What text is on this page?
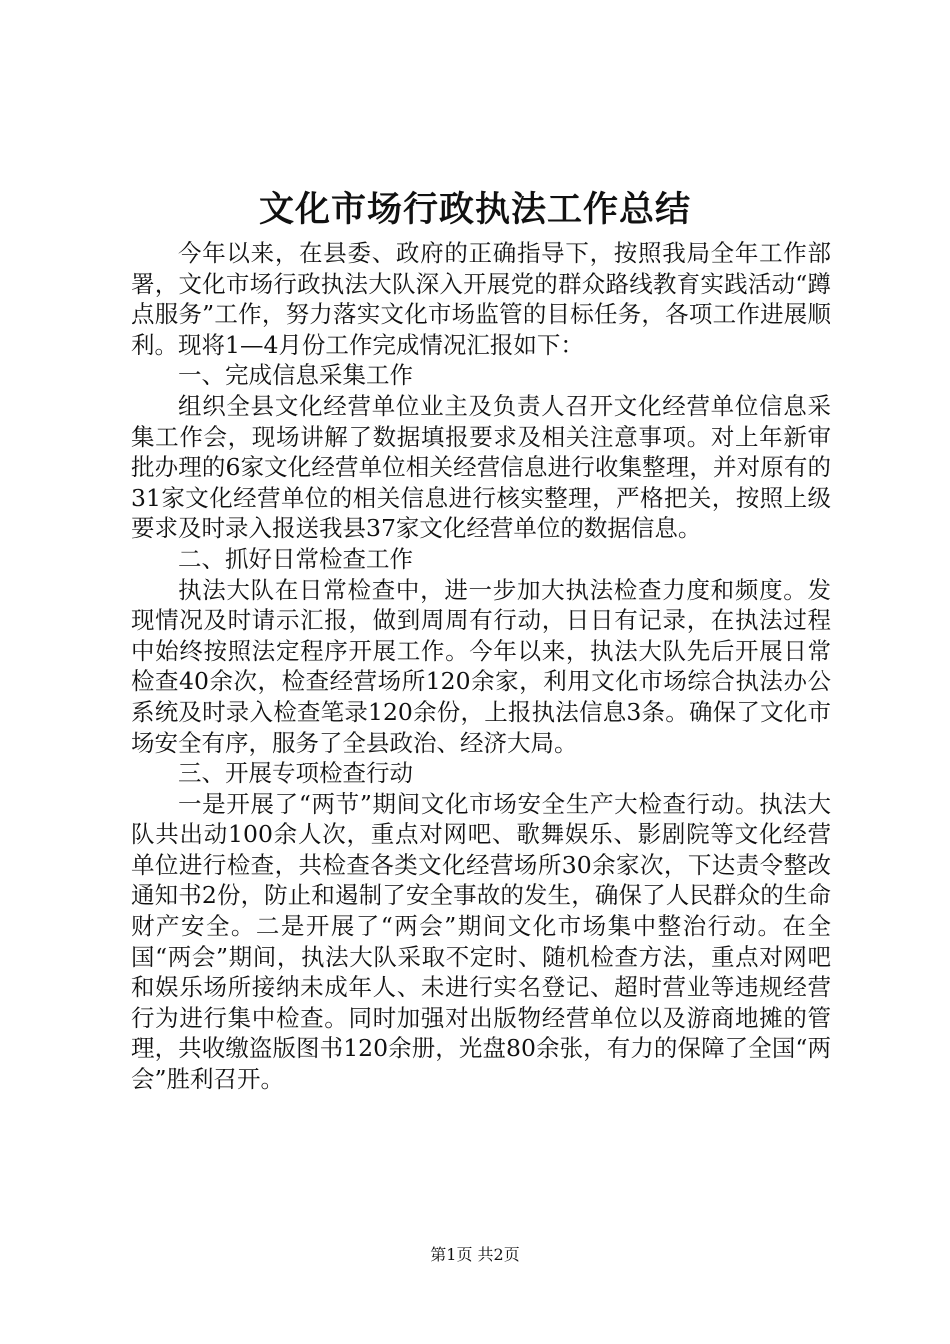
文化市场行政执法工作总结

今年以来，在县委、政府的正确指导下，按照我局全年工作部署，文化市场行政执法大队深入开展党的群众路线教育实践活动“蹲点服务”工作，努力落实文化市场监管的目标任务，各项工作进展顺利。现将1—4月份工作完成情况汇报如下：

一、完成信息采集工作

组织全县文化经营单位业主及负责人召开文化经营单位信息采集工作会，现场讲解了数据填报要求及相关注意事项。对上年新审批办理的6家文化经营单位相关经营信息进行收集整理，并对原有的31家文化经营单位的相关信息进行核实整理，严格把关，按照上级要求及时录入报送我县37家文化经营单位的数据信息。

二、抓好日常检查工作

执法大队在日常检查中，进一步加大执法检查力度和频度。发现情况及时请示汇报，做到周周有行动，日日有记录，在执法过程中始终按照法定程序开展工作。今年以来，执法大队先后开展日常检查40余次，检查经营场所120余家，利用文化市场综合执法办公系统及时录入检查笔录120余份，上报执法信息3条。确保了文化市场安全有序，服务了全县政治、经济大局。

三、开展专项检查行动

一是开展了“两节”期间文化市场安全生产大检查行动。执法大队共出动100余人次，重点对网吧、歌舞娱乐、影剧院等文化经营单位进行检查，共检查各类文化经营场所30余家次，下达责令整改通知书2份，防止和遏制了安全事故的发生，确保了人民群众的生命财产安全。二是开展了“两会”期间文化市场集中整治行动。在全国“两会”期间，执法大队采取不定时、随机检查方法，重点对网吧和娱乐场所接纳未成年人、未进行实名登记、超时营业等违规经营行为进行集中检查。同时加强对出版物经营单位以及游商地摊的管理，共收缴盗版图书120余册，光盘80余张，有力的保障了全国“两会”胜利召开。

第1页 共2页
